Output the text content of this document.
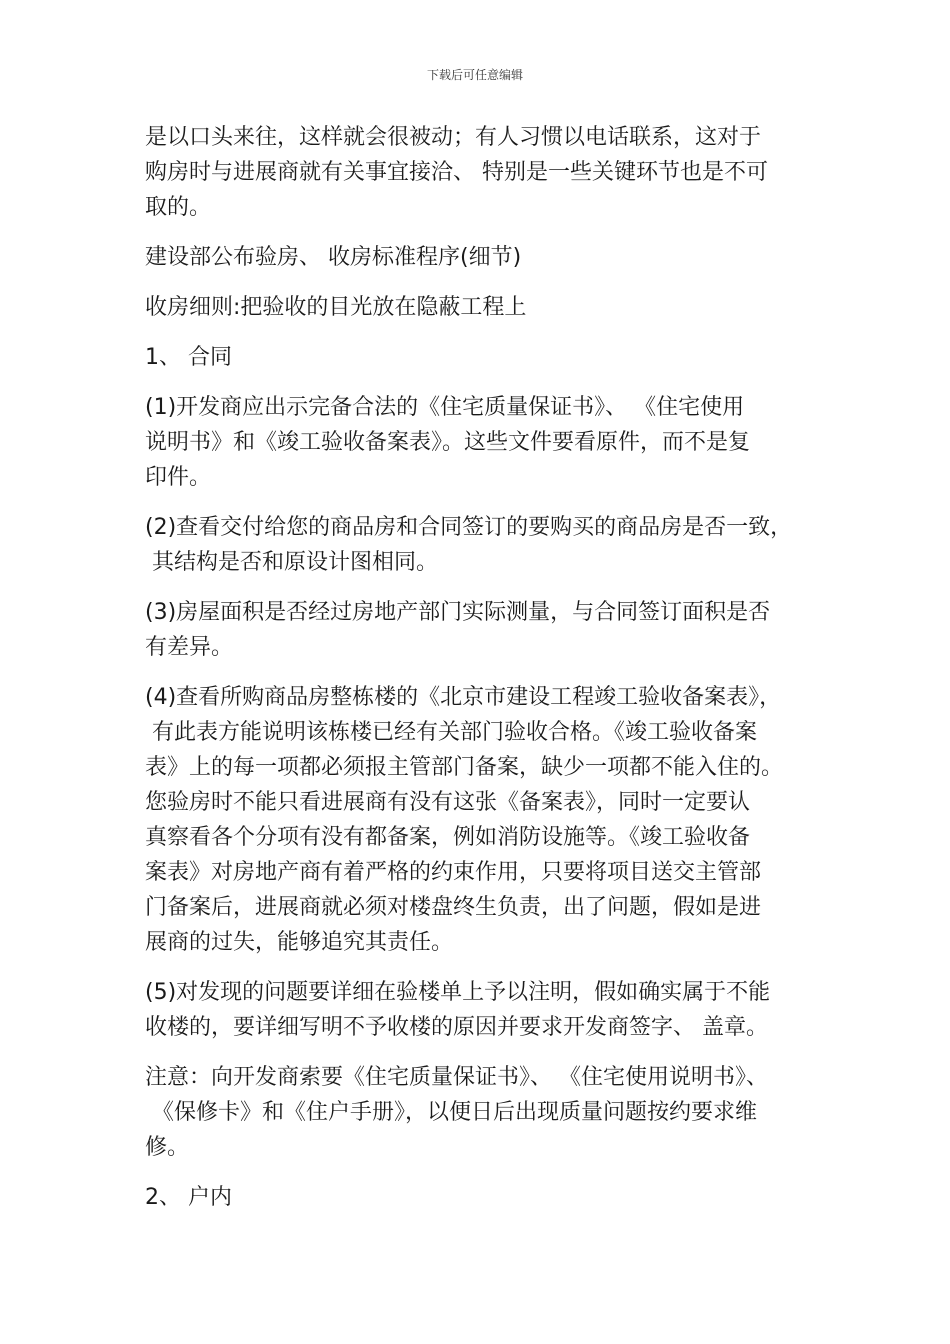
下载后可任意编辑
是以口头来往，这样就会很被动；有人习惯以电话联系，这对于
购房时与进展商就有关事宜接洽、 特别是一些关键环节也是不可
取的。
建设部公布验房、 收房标准程序(细节)
收房细则:把验收的目光放在隐蔽工程上
1、 合同
(1)开发商应出示完备合法的《住宅质量保证书》、 《住宅使用
说明书》和《竣工验收备案表》。这些文件要看原件，而不是复
印件。
(2)查看交付给您的商品房和合同签订的要购买的商品房是否一致，
其结构是否和原设计图相同。
(3)房屋面积是否经过房地产部门实际测量，与合同签订面积是否
有差异。
(4)查看所购商品房整栋楼的《北京市建设工程竣工验收备案表》，
有此表方能说明该栋楼已经有关部门验收合格。《竣工验收备案
表》上的每一项都必须报主管部门备案，缺少一项都不能入住的。
您验房时不能只看进展商有没有这张《备案表》，同时一定要认
真察看各个分项有没有都备案，例如消防设施等。《竣工验收备
案表》对房地产商有着严格的约束作用，只要将项目送交主管部
门备案后，进展商就必须对楼盘终生负责，出了问题，假如是进
展商的过失，能够追究其责任。
(5)对发现的问题要详细在验楼单上予以注明，假如确实属于不能
收楼的，要详细写明不予收楼的原因并要求开发商签字、 盖章。
注意：向开发商索要《住宅质量保证书》、 《住宅使用说明书》、
《保修卡》和《住户手册》，以便日后出现质量问题按约要求维
修。
2、 户内
